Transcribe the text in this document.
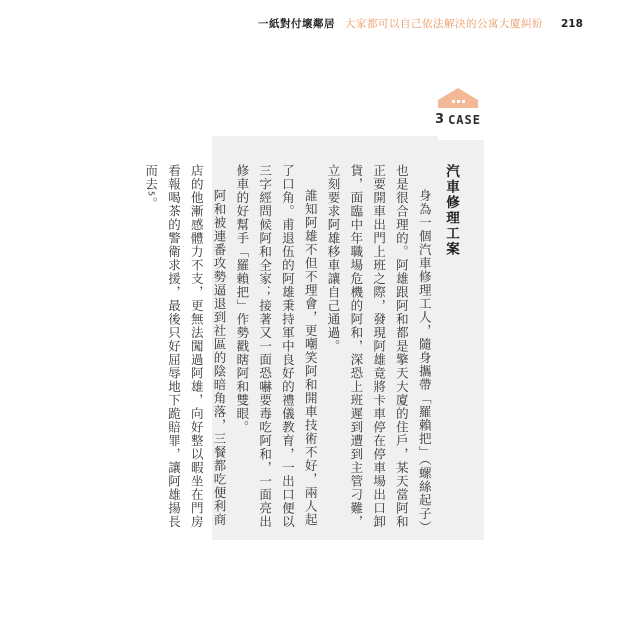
一紙對付壞鄰居 大家都可以自己依法解決的公寓大廈糾紛 218
3 CASE

汽車修理工案

身為一個汽車修理工人，隨身攜帶「羅賴把」（螺絲起子）也是很合理的。阿雄跟阿和都是擎天大廈的住戶，某天當阿和正要開車出門上班之際，發現阿雄竟將卡車停在停車場出口卸貨，面臨中年職場危機的阿和，深恐上班遲到遭到主管刁難，立刻要求阿雄移車讓自己通過。

誰知阿雄不但不理會，更嘲笑阿和開車技術不好，兩人起了口角。甫退伍的阿雄秉持軍中良好的禮儀教育，一出口便以三字經問候阿和全家；接著又一面恐嚇要毒吃阿和，一面亮出修車的好幫手「羅賴把」作勢戳瞎阿和雙眼。

阿和被連番攻勢逼退到社區的陰暗角落，三餐都吃便利商店的他漸感體力不支，更無法闖過阿雄，向好整以暇坐在門房看報喝茶的警衛求援，最後只好屈辱地下跪賠罪，讓阿雄揚長而去5。
